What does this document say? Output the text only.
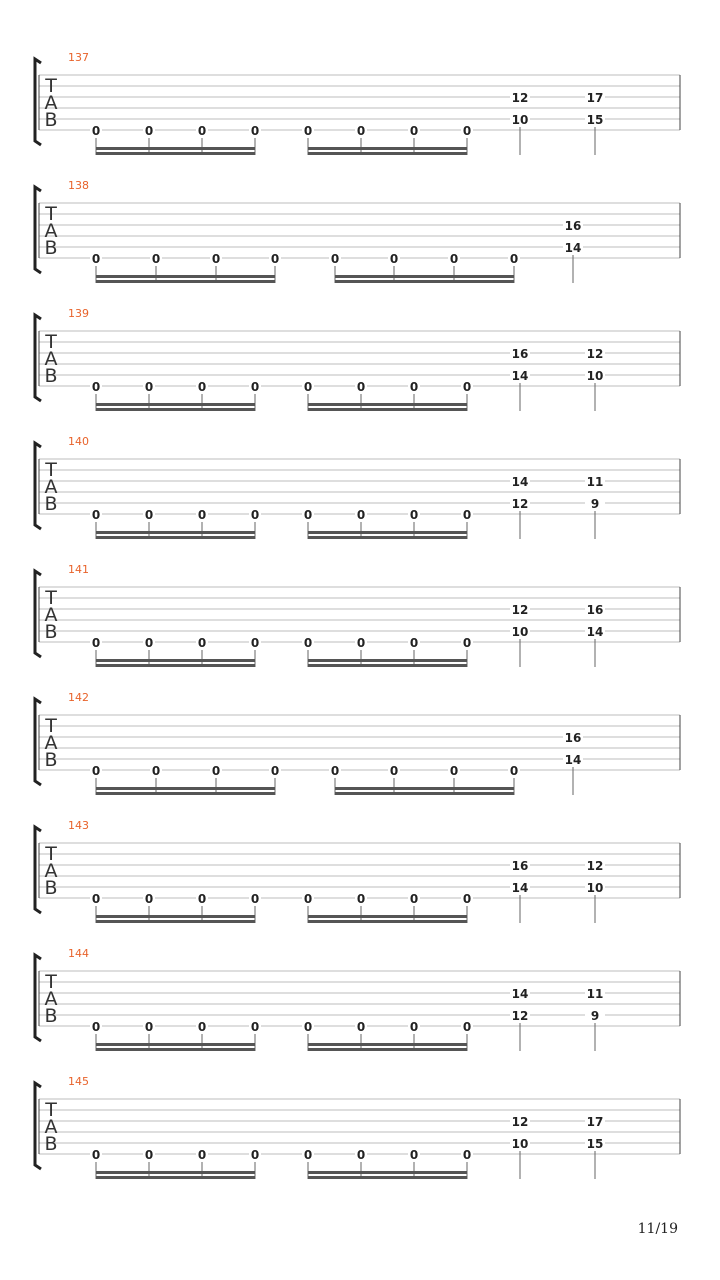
137
T
A
B	0	0	0	0	0	0	0	0
12
10
17
15
138
T
A
B	0	0	0	0	0	0	0	0
16
14
139
T
A
B	0	0	0	0	0	0	0	0
16
14
12
10
140
T
A
B	0	0	0	0	0	0	0	0
14
12
11
9
141
T
A
B	0	0	0	0	0	0	0	0
12
10
16
14
142
T
A
B	0	0	0	0	0	0	0	0
16
14
143
T
A
B	0	0	0	0	0	0	0	0
16
14
12
10
144
T
A
B	0	0	0	0	0	0	0	0
14
12
11
9
145
T
A
B	0	0	0	0	0	0	0	0
12
10
17
15
11/19
